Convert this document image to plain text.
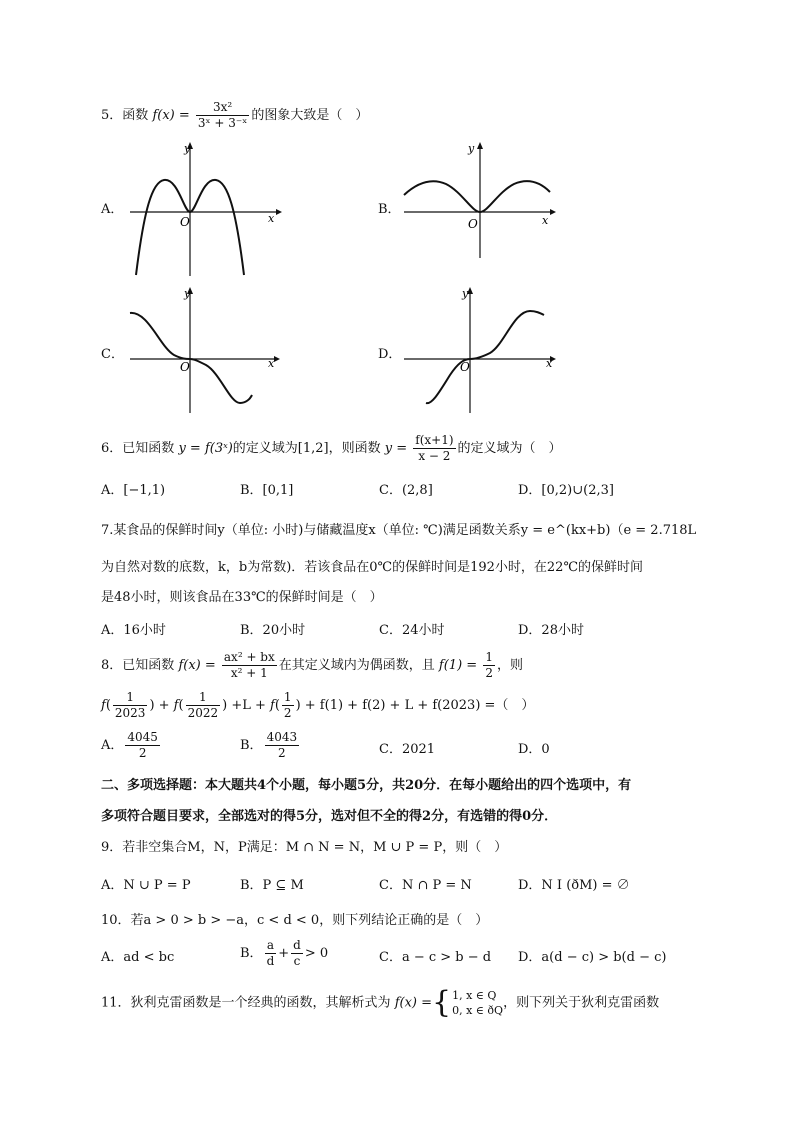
5．函数 $f(x) = \frac{\text{3x²}}{\text{3ˣ + 3⁻ˣ}}$ 的图象大致是（　）
A．
y
x
O
B．
y
x
O
C．
y
x
O
D．
y
x
O
6．已知函数 y = f(3ˣ)的定义域为[1,2]，则函数 $y = \frac{f(x+1)}{x - 2}$ 的定义域为（　）
A．[−1,1)	B．[0,1]	C．(2,8]	D．[0,2)∪(2,3]
7.某食品的保鲜时间y（单位: 小时)与储藏温度x（单位: ℃)满足函数关系y = e^(kx+b)（e = 2.718L
为自然对数的底数，k，b为常数)．若该食品在0℃的保鲜时间是192小时，在22℃的保鲜时间
是48小时，则该食品在33℃的保鲜时间是（　）
A．16小时	B．20小时	C．24小时	D．28小时
8．已知函数 $f(x) = \frac{\text{ax² + bx}}{\text{x² + 1}}$ 在其定义域内为偶函数，且 $f(1) = \frac{1}{2}$ ，则
$f( \frac{1}{2023}$ ) + $f( \frac{1}{2022}$ ) $+L + f( \frac{1}{2}$ ) + f(1) + f(2) + L + f(2023) =（　）
A． $\frac{4045}{2}$	B． $\frac{4043}{2}$	C．2021	D．0
二、多项选择题：本大题共4个小题，每小题5分，共20分．在每小题给出的四个选项中，有
多项符合题目要求，全部选对的得5分，选对但不全的得2分，有选错的得0分．
9．若非空集合M，N，P满足：M ∩ N = N，M ∪ P = P，则（　）
A．N ∪ P = P	B．P ⊆ M	C．N ∩ P = N	D．N I (ðM) = ∅
10．若a > 0 > b > −a，c < d < 0，则下列结论正确的是（　）
A．ad < bc	B． $\frac{a}{d} + \frac{d}{c} > 0$	C．a − c > b − d	D．a(d − c) > b(d − c)
11．狄利克雷函数是一个经典的函数，其解析式为 f(x) ={ 1, x ∈ Q
0, x ∈ ðQ ，则下列关于狄利克雷函数
